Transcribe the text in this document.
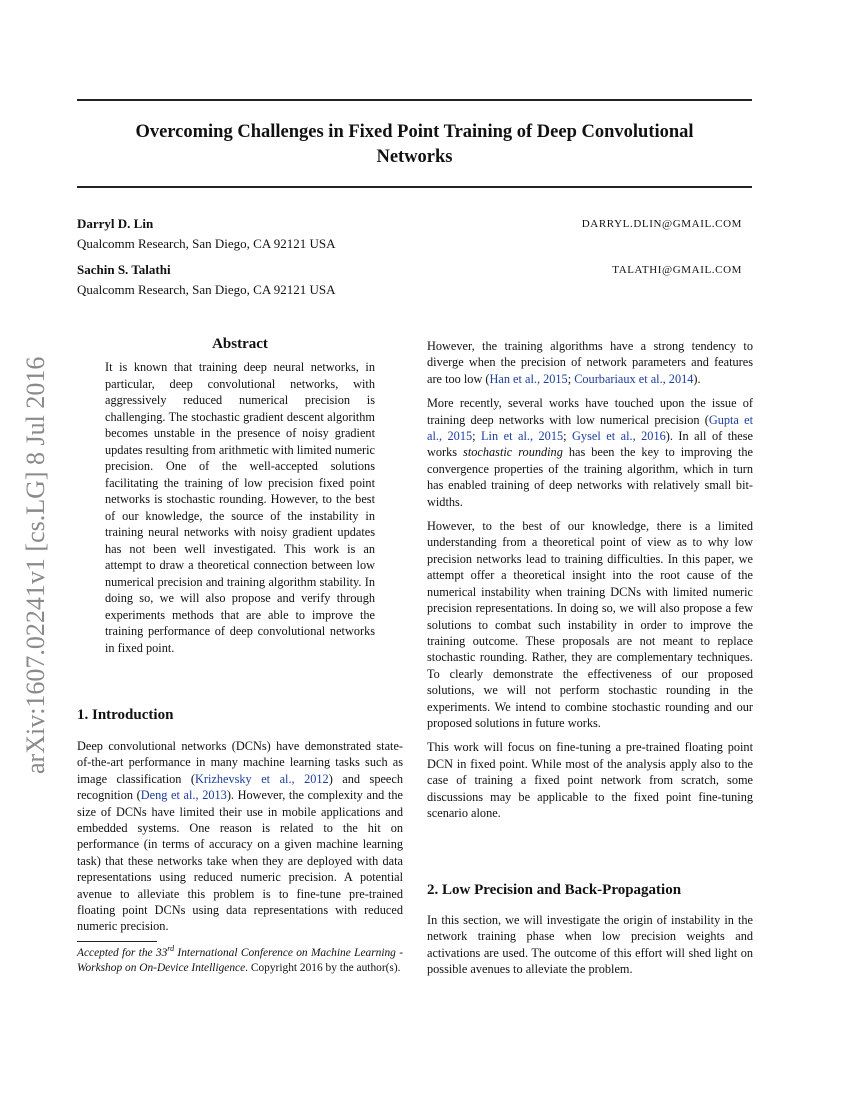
Overcoming Challenges in Fixed Point Training of Deep Convolutional
Networks
Darryl D. Lin	DARRYL.DLIN@GMAIL.COM
Qualcomm Research, San Diego, CA 92121 USA
Sachin S. Talathi	TALATHI@GMAIL.COM
Qualcomm Research, San Diego, CA 92121 USA
arXiv:1607.02241v1 [cs.LG] 8 Jul 2016
Abstract

It is known that training deep neural networks, in particular, deep convolutional networks, with aggressively reduced numerical precision is challenging. The stochastic gradient descent algorithm becomes unstable in the presence of noisy gradient updates resulting from arithmetic with limited numeric precision. One of the well-accepted solutions facilitating the training of low precision fixed point networks is stochastic rounding. However, to the best of our knowledge, the source of the instability in training neural networks with noisy gradient updates has not been well investigated. This work is an attempt to draw a theoretical connection between low numerical precision and training algorithm stability. In doing so, we will also propose and verify through experiments methods that are able to improve the training performance of deep convolutional networks in fixed point.

1. Introduction

Deep convolutional networks (DCNs) have demonstrated state-of-the-art performance in many machine learning tasks such as image classification (Krizhevsky et al., 2012) and speech recognition (Deng et al., 2013). However, the complexity and the size of DCNs have limited their use in mobile applications and embedded systems. One reason is related to the hit on performance (in terms of accuracy on a given machine learning task) that these networks take when they are deployed with data representations using reduced numeric precision. A potential avenue to alleviate this problem is to fine-tune pre-trained floating point DCNs using data representations with reduced numeric precision.

Accepted for the 33rd International Conference on Machine Learning - Workshop on On-Device Intelligence. Copyright 2016 by the author(s).

However, the training algorithms have a strong tendency to diverge when the precision of network parameters and features are too low (Han et al., 2015; Courbariaux et al., 2014).

More recently, several works have touched upon the issue of training deep networks with low numerical precision (Gupta et al., 2015; Lin et al., 2015; Gysel et al., 2016). In all of these works stochastic rounding has been the key to improving the convergence properties of the training algorithm, which in turn has enabled training of deep networks with relatively small bit-widths.

However, to the best of our knowledge, there is a limited understanding from a theoretical point of view as to why low precision networks lead to training difficulties. In this paper, we attempt offer a theoretical insight into the root cause of the numerical instability when training DCNs with limited numeric precision representations. In doing so, we will also propose a few solutions to combat such instability in order to improve the training outcome. These proposals are not meant to replace stochastic rounding. Rather, they are complementary techniques. To clearly demonstrate the effectiveness of our proposed solutions, we will not perform stochastic rounding in the experiments. We intend to combine stochastic rounding and our proposed solutions in future works.

This work will focus on fine-tuning a pre-trained floating point DCN in fixed point. While most of the analysis apply also to the case of training a fixed point network from scratch, some discussions may be applicable to the fixed point fine-tuning scenario alone.

2. Low Precision and Back-Propagation

In this section, we will investigate the origin of instability in the network training phase when low precision weights and activations are used. The outcome of this effort will shed light on possible avenues to alleviate the problem.
